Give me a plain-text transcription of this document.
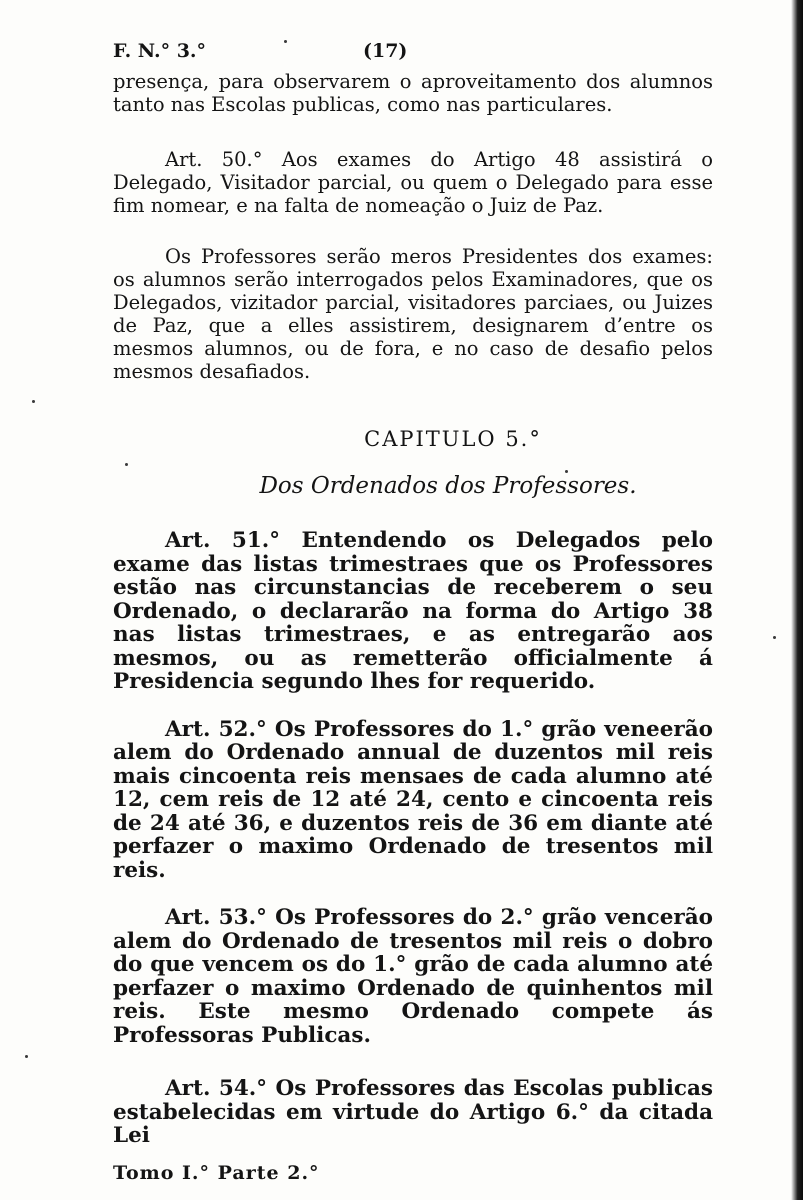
F. N.° 3.°	(17)

presença, para observarem o aproveitamento dos alumnos tanto nas Escolas publicas, como nas particulares.

Art. 50.° Aos exames do Artigo 48 assistirá o Delegado, Visitador parcial, ou quem o Delegado para esse fim nomear, e na falta de nomeação o Juiz de Paz.

Os Professores serão meros Presidentes dos exames: os alumnos serão interrogados pelos Examinadores, que os Delegados, vizitador parcial, visitadores parciaes, ou Juizes de Paz, que a elles assistirem, designarem d’entre os mesmos alumnos, ou de fora, e no caso de desafio pelos mesmos desafiados.

CAPITULO 5.°
Dos Ordenados dos Professores.

Art. 51.° Entendendo os Delegados pelo exame das listas trimestraes que os Professores estão nas circunstancias de receberem o seu Ordenado, o declararão na forma do Artigo 38 nas listas trimestraes, e as entregarão aos mesmos, ou as remetterão officialmente á Presidencia segundo lhes for requerido.

Art. 52.° Os Professores do 1.° grão veneerão alem do Ordenado annual de duzentos mil reis mais cincoenta reis mensaes de cada alumno até 12, cem reis de 12 até 24, cento e cincoenta reis de 24 até 36, e duzentos reis de 36 em diante até perfazer o maximo Ordenado de tresentos mil reis.

Art. 53.° Os Professores do 2.° grão vencerão alem do Ordenado de tresentos mil reis o dobro do que vencem os do 1.° grão de cada alumno até perfazer o maximo Ordenado de quinhentos mil reis. Este mesmo Ordenado compete ás Professoras Publicas.

Art. 54.° Os Professores das Escolas publicas estabelecidas em virtude do Artigo 6.° da citada Lei

Tomo I.° Parte 2.°
